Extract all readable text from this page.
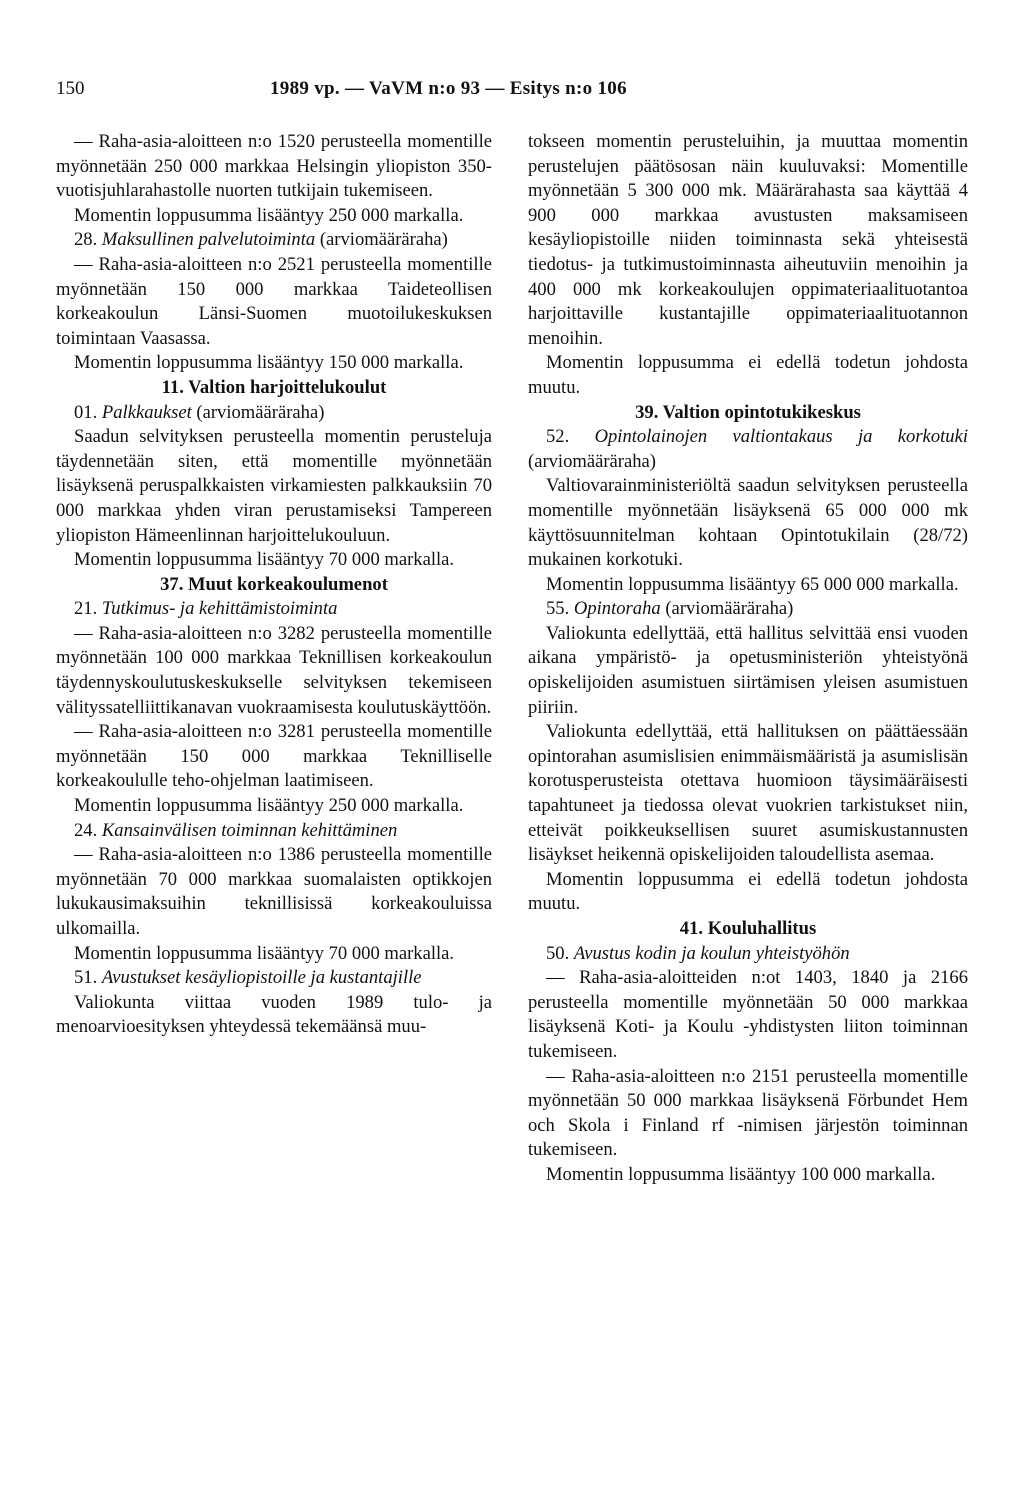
150	1989 vp. — VaVM n:o 93 — Esitys n:o 106

— Raha-asia-aloitteen n:o 1520 perusteella momentille myönnetään 250 000 markkaa Helsingin yliopiston 350-vuotisjuhlarahastolle nuorten tutkijain tukemiseen.

Momentin loppusumma lisääntyy 250 000 markalla.

28. Maksullinen palvelutoiminta (arviomääräraha)

— Raha-asia-aloitteen n:o 2521 perusteella momentille myönnetään 150 000 markkaa Taideteollisen korkeakoulun Länsi-Suomen muotoilukeskuksen toimintaan Vaasassa.

Momentin loppusumma lisääntyy 150 000 markalla.

11. Valtion harjoittelukoulut

01. Palkkaukset (arviomääräraha)

Saadun selvityksen perusteella momentin perusteluja täydennetään siten, että momentille myönnetään lisäyksenä peruspalkkaisten virkamiesten palkkauksiin 70 000 markkaa yhden viran perustamiseksi Tampereen yliopiston Hämeenlinnan harjoittelukouluun.

Momentin loppusumma lisääntyy 70 000 markalla.

37. Muut korkeakoulumenot

21. Tutkimus- ja kehittämistoiminta

— Raha-asia-aloitteen n:o 3282 perusteella momentille myönnetään 100 000 markkaa Teknillisen korkeakoulun täydennyskoulutuskeskukselle selvityksen tekemiseen välityssatelliittikanavan vuokraamisesta koulutuskäyttöön.

— Raha-asia-aloitteen n:o 3281 perusteella momentille myönnetään 150 000 markkaa Teknilliselle korkeakoululle teho-ohjelman laatimiseen.

Momentin loppusumma lisääntyy 250 000 markalla.

24. Kansainvälisen toiminnan kehittäminen

— Raha-asia-aloitteen n:o 1386 perusteella momentille myönnetään 70 000 markkaa suomalaisten optikkojen lukukausimaksuihin teknillisissä korkeakouluissa ulkomailla.

Momentin loppusumma lisääntyy 70 000 markalla.

51. Avustukset kesäyliopistoille ja kustantajille

Valiokunta viittaa vuoden 1989 tulo- ja menoarvioesityksen yhteydessä tekemäänsä muu-

tokseen momentin perusteluihin, ja muuttaa momentin perustelujen päätösosan näin kuuluvaksi: Momentille myönnetään 5 300 000 mk. Määrärahasta saa käyttää 4 900 000 markkaa avustusten maksamiseen kesäyliopistoille niiden toiminnasta sekä yhteisestä tiedotus- ja tutkimustoiminnasta aiheutuviin menoihin ja 400 000 mk korkeakoulujen oppimateriaalituotantoa harjoittaville kustantajille oppimateriaalituotannon menoihin.

Momentin loppusumma ei edellä todetun johdosta muutu.

39. Valtion opintotukikeskus

52. Opintolainojen valtiontakaus ja korkotuki (arviomääräraha)

Valtiovarainministeriöltä saadun selvityksen perusteella momentille myönnetään lisäyksenä 65 000 000 mk käyttösuunnitelman kohtaan Opintotukilain (28/72) mukainen korkotuki.

Momentin loppusumma lisääntyy 65 000 000 markalla.

55. Opintoraha (arviomääräraha)

Valiokunta edellyttää, että hallitus selvittää ensi vuoden aikana ympäristö- ja opetusministeriön yhteistyönä opiskelijoiden asumistuen siirtämisen yleisen asumistuen piiriin.

Valiokunta edellyttää, että hallituksen on päättäessään opintorahan asumislisien enimmäismääristä ja asumislisän korotusperusteista otettava huomioon täysimääräisesti tapahtuneet ja tiedossa olevat vuokrien tarkistukset niin, etteivät poikkeuksellisen suuret asumiskustannusten lisäykset heikennä opiskelijoiden taloudellista asemaa.

Momentin loppusumma ei edellä todetun johdosta muutu.

41. Kouluhallitus

50. Avustus kodin ja koulun yhteistyöhön

— Raha-asia-aloitteiden n:ot 1403, 1840 ja 2166 perusteella momentille myönnetään 50 000 markkaa lisäyksenä Koti- ja Koulu -yhdistysten liiton toiminnan tukemiseen.

— Raha-asia-aloitteen n:o 2151 perusteella momentille myönnetään 50 000 markkaa lisäyksenä Förbundet Hem och Skola i Finland rf -nimisen järjestön toiminnan tukemiseen.

Momentin loppusumma lisääntyy 100 000 markalla.
